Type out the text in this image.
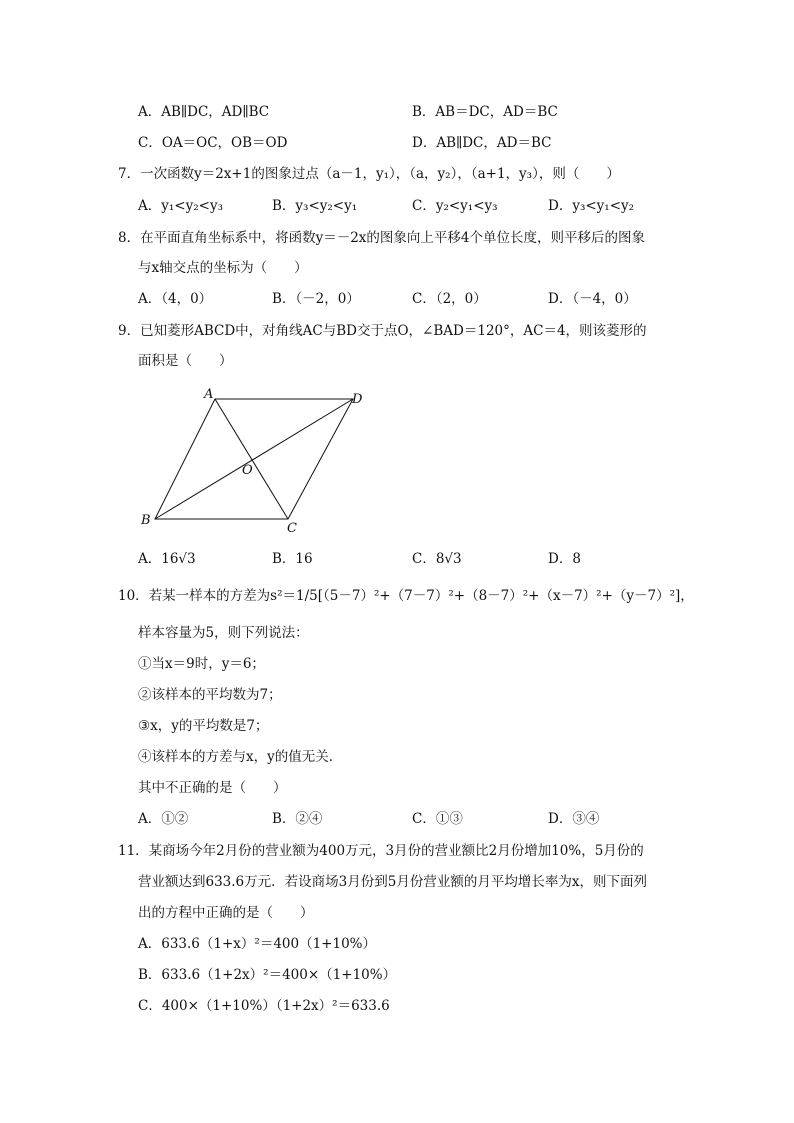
A．AB∥DC，AD∥BC	B．AB＝DC，AD＝BC
C．OA＝OC，OB＝OD	D．AB∥DC，AD＝BC
7．一次函数y＝2x+1的图象过点（a－1，y₁），（a，y₂），（a+1，y₃），则（　　）
A．y₁<y₂<y₃	B．y₃<y₂<y₁	C．y₂<y₁<y₃	D．y₃<y₁<y₂
8．在平面直角坐标系中，将函数y＝－2x的图象向上平移4个单位长度，则平移后的图象
与x轴交点的坐标为（　　）
A．（4，0）	B．（－2，0）	C．（2，0）	D．（－4，0）
9．已知菱形ABCD中，对角线AC与BD交于点O，∠BAD＝120°，AC＝4，则该菱形的
面积是（　　）
A	D
O
B
C
A．16√3	B．16	C．8√3	D．8
10．若某一样本的方差为s²＝1/5[（5－7）²+（7－7）²+（8－7）²+（x－7）²+（y－7）²]，
样本容量为5，则下列说法：
①当x＝9时，y＝6；
②该样本的平均数为7；
③x，y的平均数是7；
④该样本的方差与x，y的值无关．
其中不正确的是（　　）
A．①②	B．②④	C．①③	D．③④
11．某商场今年2月份的营业额为400万元，3月份的营业额比2月份增加10%，5月份的
营业额达到633.6万元．若设商场3月份到5月份营业额的月平均增长率为x，则下面列
出的方程中正确的是（　　）
A．633.6（1+x）²＝400（1+10%）
B．633.6（1+2x）²＝400×（1+10%）
C．400×（1+10%）（1+2x）²＝633.6
